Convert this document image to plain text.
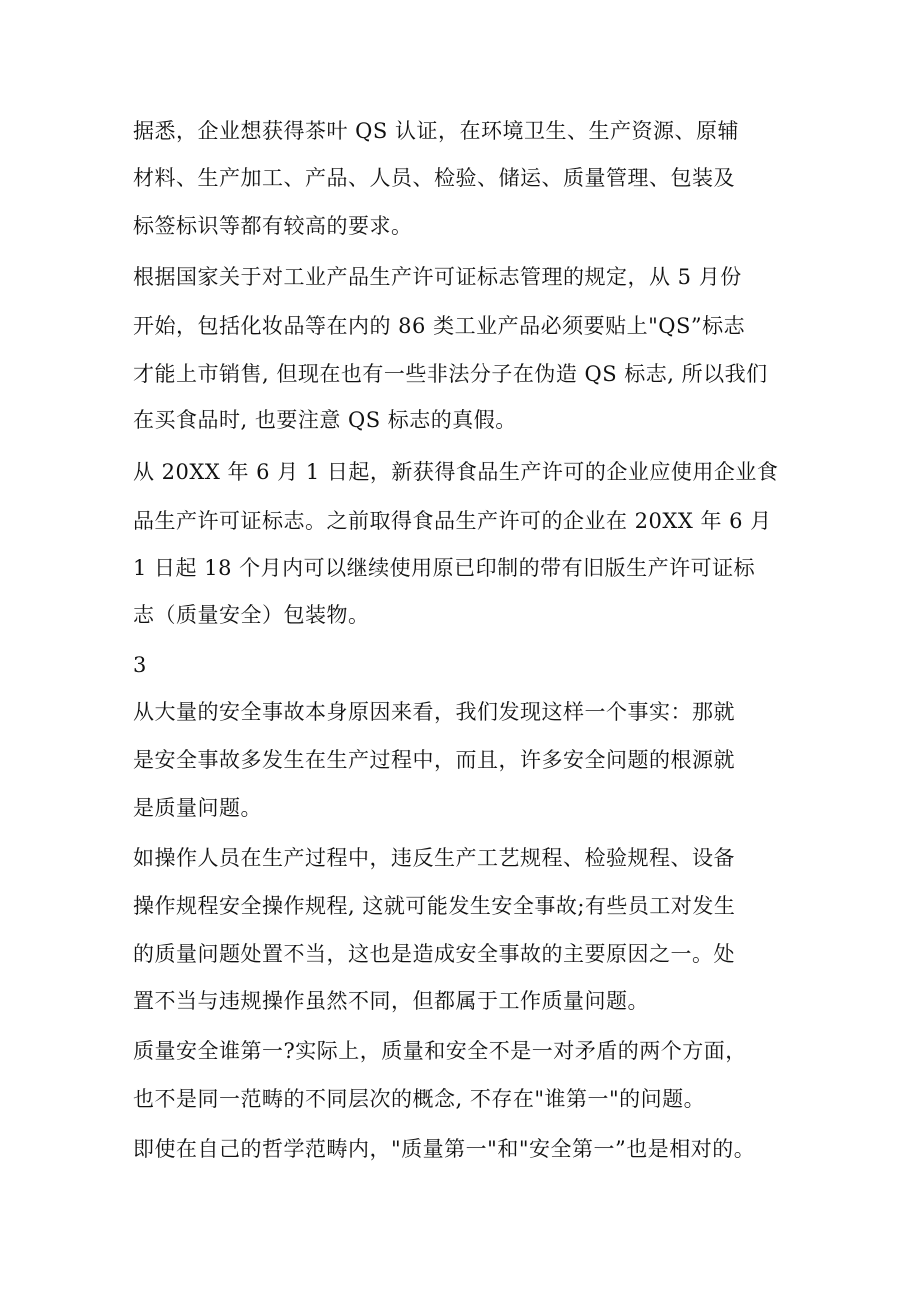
据悉，企业想获得茶叶 QS 认证，在环境卫生、生产资源、原辅
材料、生产加工、产品、人员、检验、储运、质量管理、包装及
标签标识等都有较高的要求。
根据国家关于对工业产品生产许可证标志管理的规定，从 5 月份
开始，包括化妆品等在内的 86 类工业产品必须要贴上"QS”标志
才能上市销售, 但现在也有一些非法分子在伪造 QS 标志, 所以我们
在买食品时, 也要注意 QS 标志的真假。
从 20XX 年 6 月 1 日起，新获得食品生产许可的企业应使用企业食
品生产许可证标志。之前取得食品生产许可的企业在 20XX 年 6 月
1 日起 18 个月内可以继续使用原已印制的带有旧版生产许可证标
志（质量安全）包装物。
3
从大量的安全事故本身原因来看，我们发现这样一个事实：那就
是安全事故多发生在生产过程中，而且，许多安全问题的根源就
是质量问题。
如操作人员在生产过程中，违反生产工艺规程、检验规程、设备
操作规程安全操作规程, 这就可能发生安全事故;有些员工对发生
的质量问题处置不当，这也是造成安全事故的主要原因之一。处
置不当与违规操作虽然不同，但都属于工作质量问题。
质量安全谁第一?实际上，质量和安全不是一对矛盾的两个方面，
也不是同一范畴的不同层次的概念, 不存在"谁第一"的问题。
即使在自己的哲学范畴内，"质量第一"和"安全第一”也是相对的。
